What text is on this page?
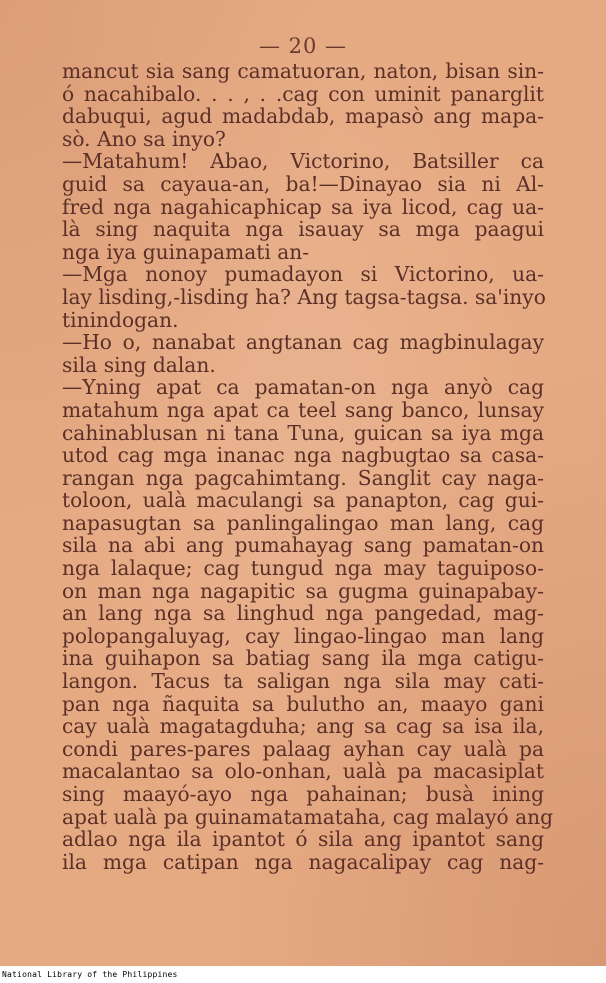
— 20 —
mancut sia sang camatuoran, naton, bisan sin-
ó nacahibalo. . . , . .cag con uminit panarglit
dabuqui, agud madabdab, mapasò ang mapa-
sò. Ano sa inyo?
—Matahum! Abao, Victorino, Batsiller ca
guid sa cayaua-an, ba!—Dinayao sia ni Al-
fred nga nagahicaphicap sa iya licod, cag ua-
là sing naquita nga isauay sa mga paagui
nga iya guinapamati an-
—Mga nonoy pumadayon si Victorino, ua-
lay lisding,-lisding ha? Ang tagsa-tagsa. sa'inyo
tinindogan.
—Ho o, nanabat angtanan cag magbinulagay
sila sing dalan.
—Yning apat ca pamatan-on nga anyò cag
matahum nga apat ca teel sang banco, lunsay
cahinablusan ni tana Tuna, guican sa iya mga
utod cag mga inanac nga nagbugtao sa casa-
rangan nga pagcahimtang. Sanglit cay naga-
toloon, ualà maculangi sa panapton, cag gui-
napasugtan sa panlingalingao man lang, cag
sila na abi ang pumahayag sang pamatan-on
nga lalaque; cag tungud nga may taguiposo-
on man nga nagapitic sa gugma guinapabay-
an lang nga sa linghud nga pangedad, mag-
polopangaluyag, cay lingao-lingao man lang
ina guihapon sa batiag sang ila mga catigu-
langon. Tacus ta saligan nga sila may cati-
pan nga ñaquita sa bulutho an, maayo gani
cay ualà magatagduha; ang sa cag sa isa ila,
condi pares-pares palaag ayhan cay ualà pa
macalantao sa olo-onhan, ualà pa macasiplat
sing maayó-ayo nga pahainan; busà ining
apat ualà pa guinamatamataha, cag malayó ang
adlao nga ila ipantot ó sila ang ipantot sang
ila mga catipan nga nagacalipay cag nag-
National Library of the Philippines
